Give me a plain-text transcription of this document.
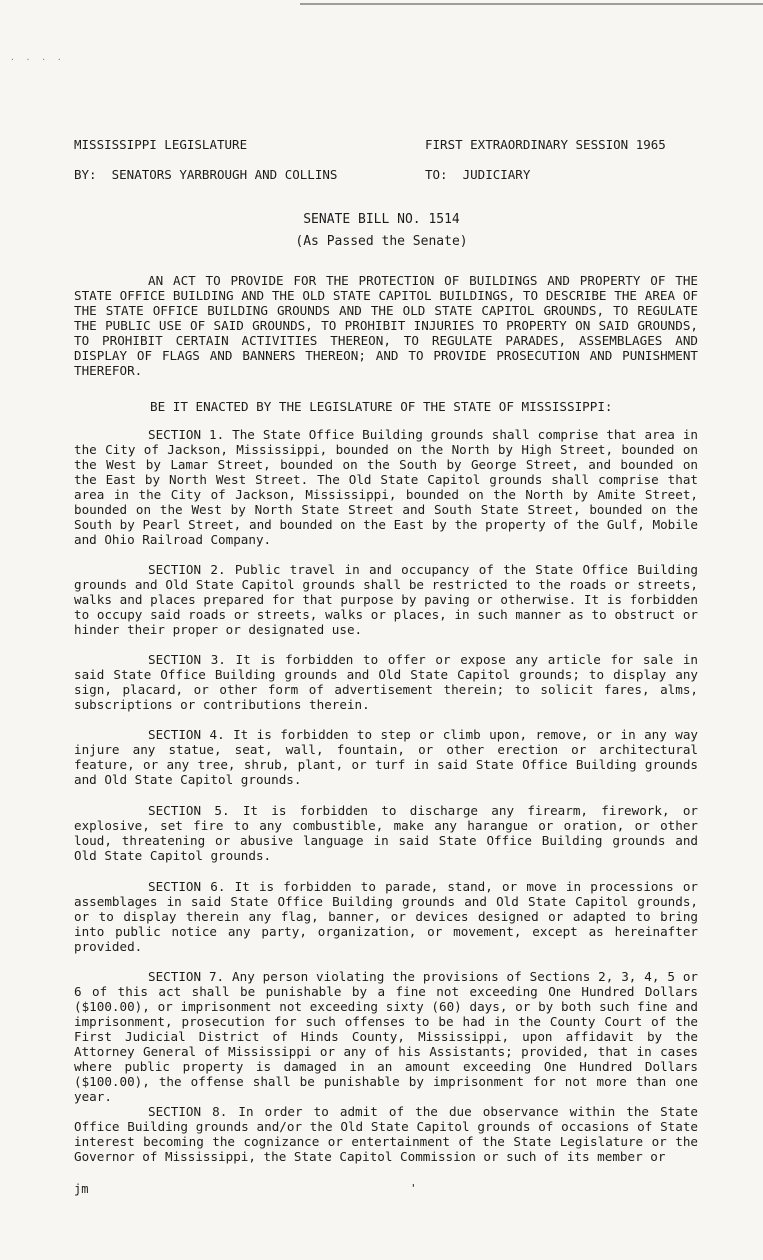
· · · ·
MISSISSIPPI LEGISLATURE	FIRST EXTRAORDINARY SESSION 1965
BY:  SENATORS YARBROUGH AND COLLINS	TO:  JUDICIARY
SENATE BILL NO. 1514
(As Passed the Senate)
AN ACT TO PROVIDE FOR THE PROTECTION OF BUILDINGS AND PROPERTY OF THE STATE OFFICE BUILDING AND THE OLD STATE CAPITOL BUILDINGS, TO DESCRIBE THE AREA OF THE STATE OFFICE BUILDING GROUNDS AND THE OLD STATE CAPITOL GROUNDS, TO REGULATE THE PUBLIC USE OF SAID GROUNDS, TO PROHIBIT INJURIES TO PROPERTY ON SAID GROUNDS, TO PROHIBIT CERTAIN ACTIVITIES THEREON, TO REGULATE PARADES, ASSEMBLAGES AND DISPLAY OF FLAGS AND BANNERS THEREON; AND TO PROVIDE PROSECUTION AND PUNISHMENT THEREFOR.
BE IT ENACTED BY THE LEGISLATURE OF THE STATE OF MISSISSIPPI:
SECTION 1. The State Office Building grounds shall comprise that area in the City of Jackson, Mississippi, bounded on the North by High Street, bounded on the West by Lamar Street, bounded on the South by George Street, and bounded on the East by North West Street. The Old State Capitol grounds shall comprise that area in the City of Jackson, Mississippi, bounded on the North by Amite Street, bounded on the West by North State Street and South State Street, bounded on the South by Pearl Street, and bounded on the East by the property of the Gulf, Mobile and Ohio Railroad Company.
SECTION 2. Public travel in and occupancy of the State Office Building grounds and Old State Capitol grounds shall be restricted to the roads or streets, walks and places prepared for that purpose by paving or otherwise. It is forbidden to occupy said roads or streets, walks or places, in such manner as to obstruct or hinder their proper or designated use.
SECTION 3. It is forbidden to offer or expose any article for sale in said State Office Building grounds and Old State Capitol grounds; to display any sign, placard, or other form of advertisement therein; to solicit fares, alms, subscriptions or contributions therein.
SECTION 4. It is forbidden to step or climb upon, remove, or in any way injure any statue, seat, wall, fountain, or other erection or architectural feature, or any tree, shrub, plant, or turf in said State Office Building grounds and Old State Capitol grounds.
SECTION 5. It is forbidden to discharge any firearm, firework, or explosive, set fire to any combustible, make any harangue or oration, or other loud, threatening or abusive language in said State Office Building grounds and Old State Capitol grounds.
SECTION 6. It is forbidden to parade, stand, or move in processions or assemblages in said State Office Building grounds and Old State Capitol grounds, or to display therein any flag, banner, or devices designed or adapted to bring into public notice any party, organization, or movement, except as hereinafter provided.
SECTION 7. Any person violating the provisions of Sections 2, 3, 4, 5 or 6 of this act shall be punishable by a fine not exceeding One Hundred Dollars ($100.00), or imprisonment not exceeding sixty (60) days, or by both such fine and imprisonment, prosecution for such offenses to be had in the County Court of the First Judicial District of Hinds County, Mississippi, upon affidavit by the Attorney General of Mississippi or any of his Assistants; provided, that in cases where public property is damaged in an amount exceeding One Hundred Dollars ($100.00), the offense shall be punishable by imprisonment for not more than one year.
SECTION 8. In order to admit of the due observance within the State Office Building grounds and/or the Old State Capitol grounds of occasions of State interest becoming the cognizance or entertainment of the State Legislature or the Governor of Mississippi, the State Capitol Commission or such of its member or
jm	'
